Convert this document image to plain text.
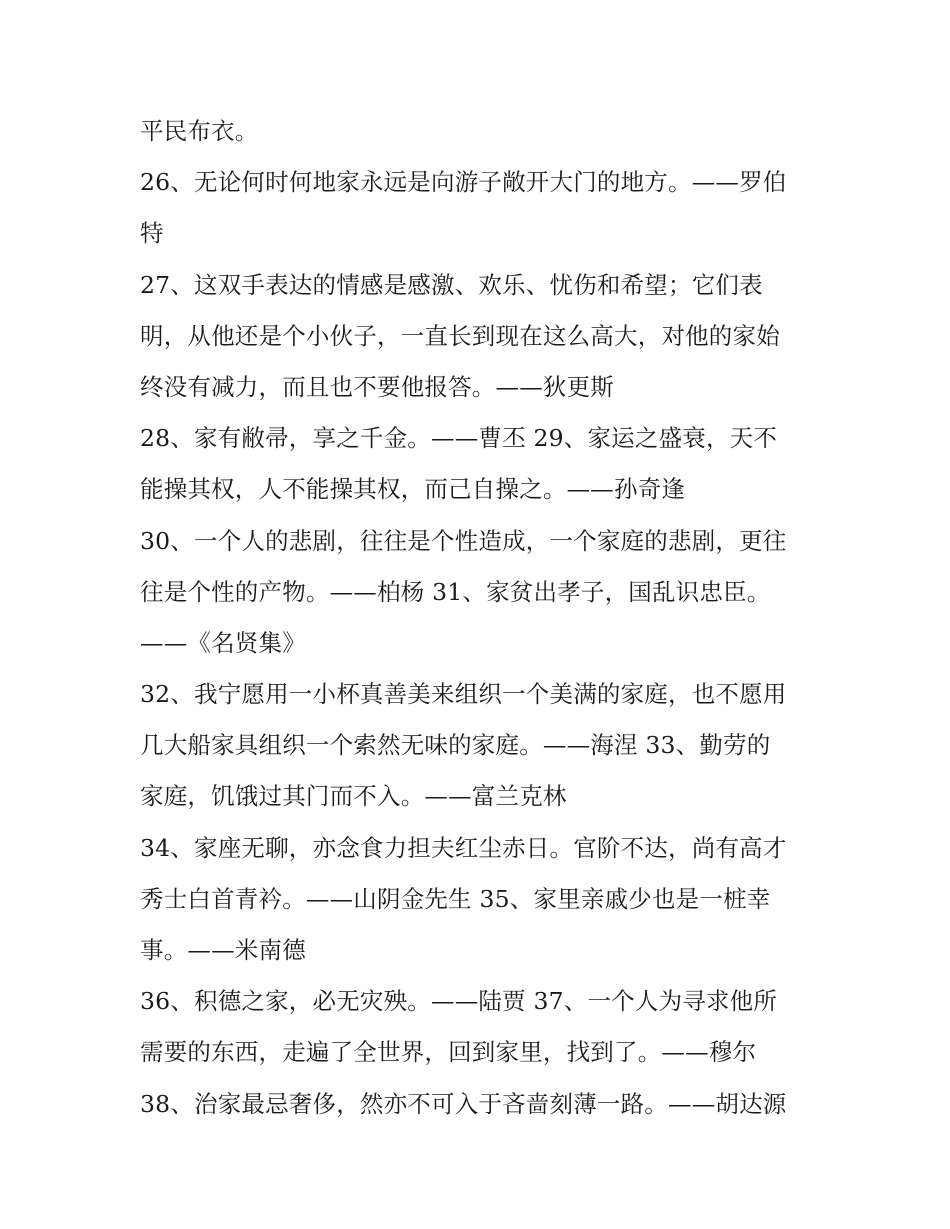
平民布衣。
26、无论何时何地家永远是向游子敞开大门的地方。——罗伯
特
27、这双手表达的情感是感激、欢乐、忧伤和希望；它们表
明，从他还是个小伙子，一直长到现在这么高大，对他的家始
终没有减力，而且也不要他报答。——狄更斯
28、家有敝帚，享之千金。——曹丕 29、家运之盛衰，天不
能操其权，人不能操其权，而己自操之。——孙奇逢
30、一个人的悲剧，往往是个性造成，一个家庭的悲剧，更往
往是个性的产物。——柏杨 31、家贫出孝子，国乱识忠臣。
——《名贤集》
32、我宁愿用一小杯真善美来组织一个美满的家庭，也不愿用
几大船家具组织一个索然无味的家庭。——海涅 33、勤劳的
家庭，饥饿过其门而不入。——富兰克林
34、家座无聊，亦念食力担夫红尘赤日。官阶不达，尚有高才
秀士白首青衿。——山阴金先生 35、家里亲戚少也是一桩幸
事。——米南德
36、积德之家，必无灾殃。——陆贾 37、一个人为寻求他所
需要的东西，走遍了全世界，回到家里，找到了。——穆尔
38、治家最忌奢侈，然亦不可入于吝啬刻薄一路。——胡达源
